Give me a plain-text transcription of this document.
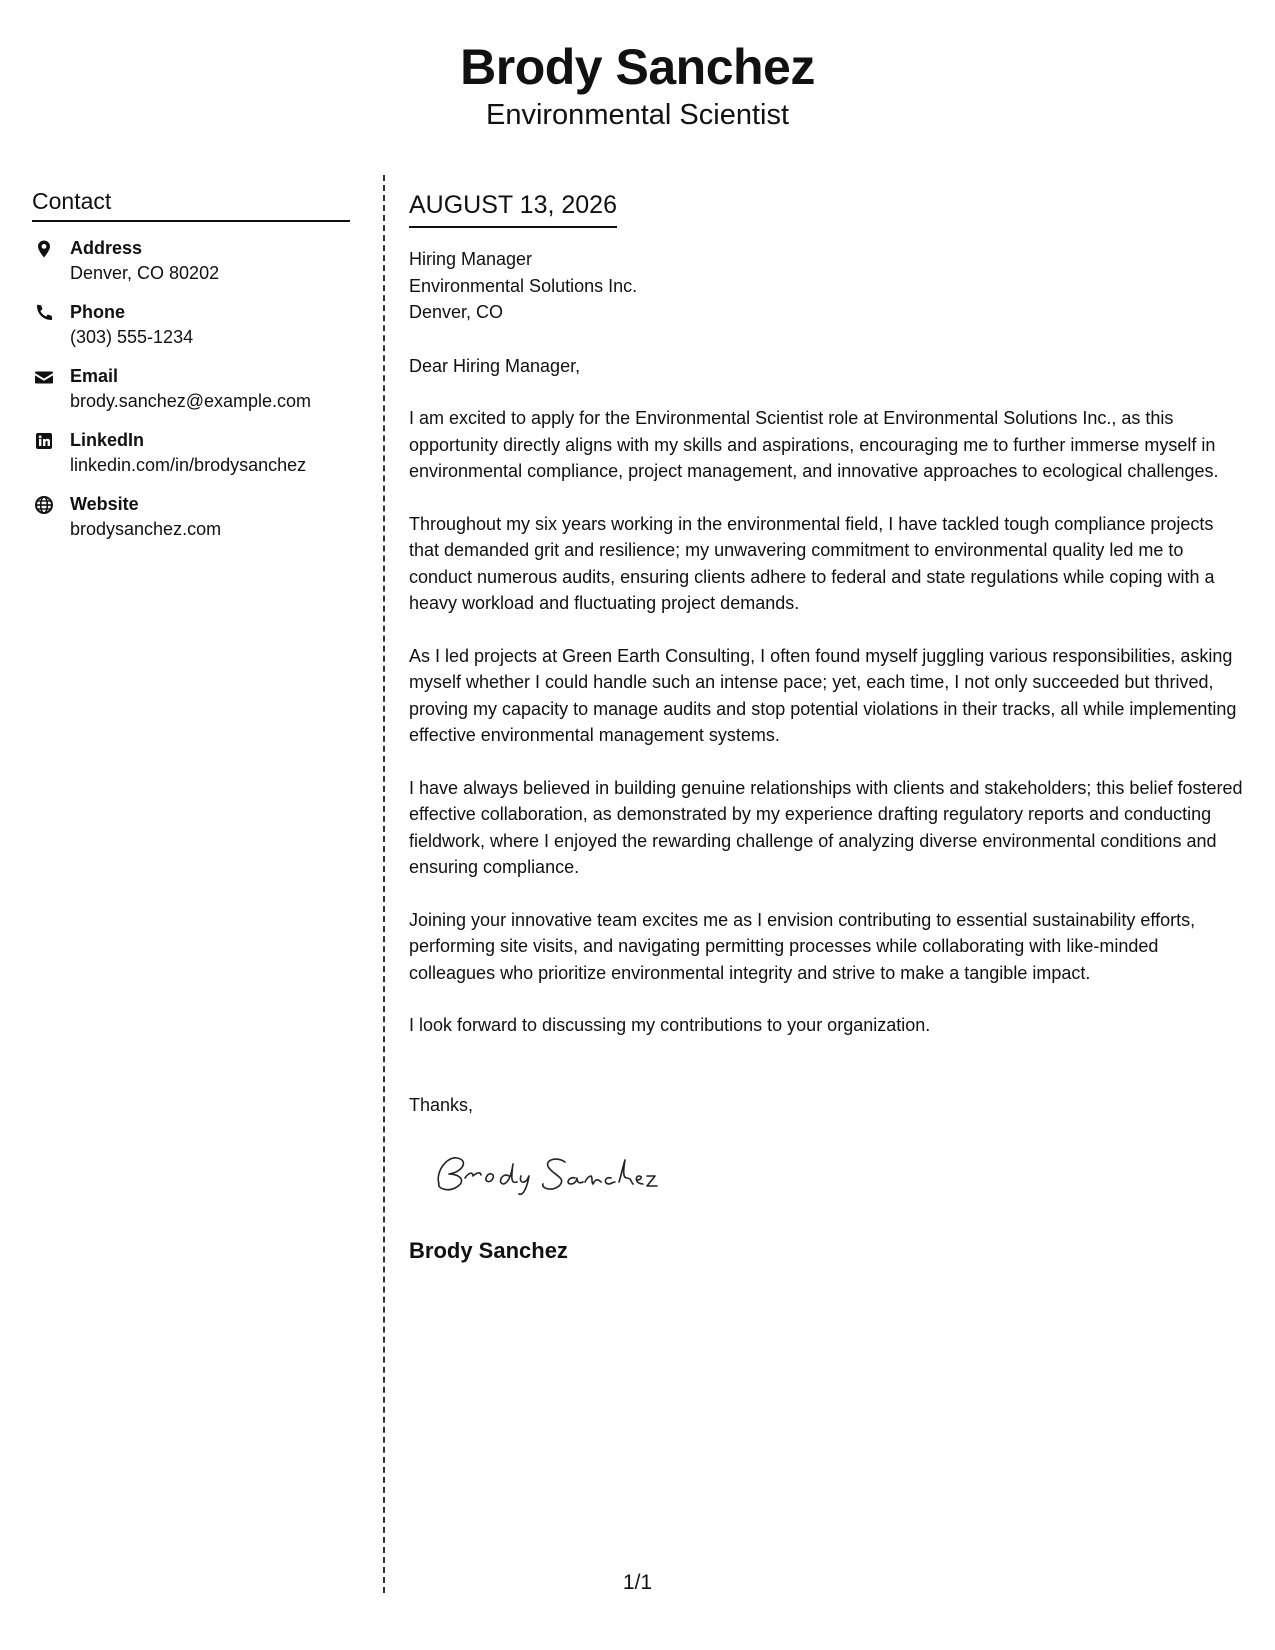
Brody Sanchez
Environmental Scientist
Contact
Address
Denver, CO 80202
Phone
(303) 555-1234
Email
brody.sanchez@example.com
LinkedIn
linkedin.com/in/brodysanchez
Website
brodysanchez.com
AUGUST 13, 2026
Hiring Manager
Environmental Solutions Inc.
Denver, CO
Dear Hiring Manager,
I am excited to apply for the Environmental Scientist role at Environmental Solutions Inc., as this opportunity directly aligns with my skills and aspirations, encouraging me to further immerse myself in environmental compliance, project management, and innovative approaches to ecological challenges.
Throughout my six years working in the environmental field, I have tackled tough compliance projects that demanded grit and resilience; my unwavering commitment to environmental quality led me to conduct numerous audits, ensuring clients adhere to federal and state regulations while coping with a heavy workload and fluctuating project demands.
As I led projects at Green Earth Consulting, I often found myself juggling various responsibilities, asking myself whether I could handle such an intense pace; yet, each time, I not only succeeded but thrived, proving my capacity to manage audits and stop potential violations in their tracks, all while implementing effective environmental management systems.
I have always believed in building genuine relationships with clients and stakeholders; this belief fostered effective collaboration, as demonstrated by my experience drafting regulatory reports and conducting fieldwork, where I enjoyed the rewarding challenge of analyzing diverse environmental conditions and ensuring compliance.
Joining your innovative team excites me as I envision contributing to essential sustainability efforts, performing site visits, and navigating permitting processes while collaborating with like-minded colleagues who prioritize environmental integrity and strive to make a tangible impact.
I look forward to discussing my contributions to your organization.
Thanks,
Brody Sanchez
1/1
